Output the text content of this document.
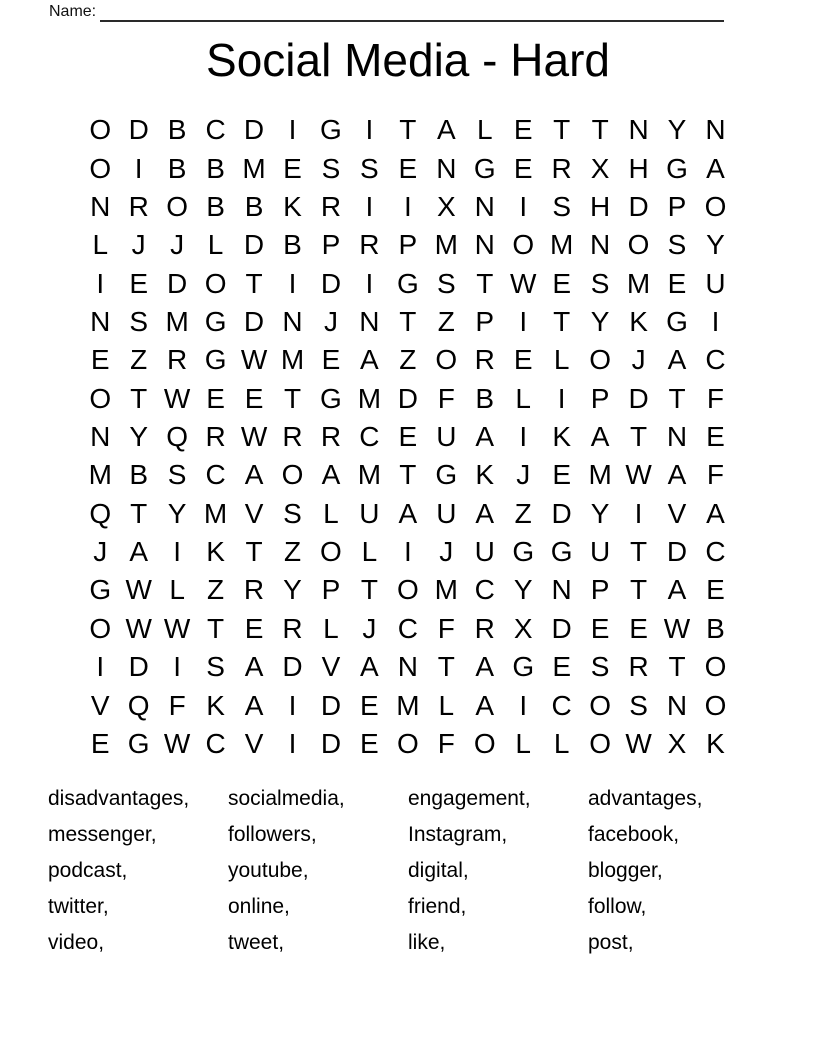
Name:
Social Media - Hard
O D B C D I G I T A L E T T N Y N
O I B B M E S S E N G E R X H G A
N R O B B K R I	I X N I S H D P O
L J J L D B P R P M N O M N O S Y
I E D O T I D I G S T W E S M E U
N S M G D N J N T Z P I T Y K G I
E Z R G W M E A Z O R E L O J A C
O T W E E T G M D F B L I P D T F
N Y Q R W R R C E U A I K A T N E
M B S C A O A M T G K J E M W A F
Q T Y M V S L U A U A Z D Y I V A
J A I K T Z O L I J U G G U T D C
G W L Z R Y P T O M C Y N P T A E
O W W T E R L J C F R X D E E W B
I D I S A D V A N T A G E S R T O
V Q F K A I D E M L A I C O S N O
E G W C V I D E O F O L L O W X K
disadvantages,
messenger,
podcast,
twitter,
video,
socialmedia,
followers,
youtube,
online,
tweet,
engagement,
Instagram,
digital,
friend,
like,
advantages,
facebook,
blogger,
follow,
post,
